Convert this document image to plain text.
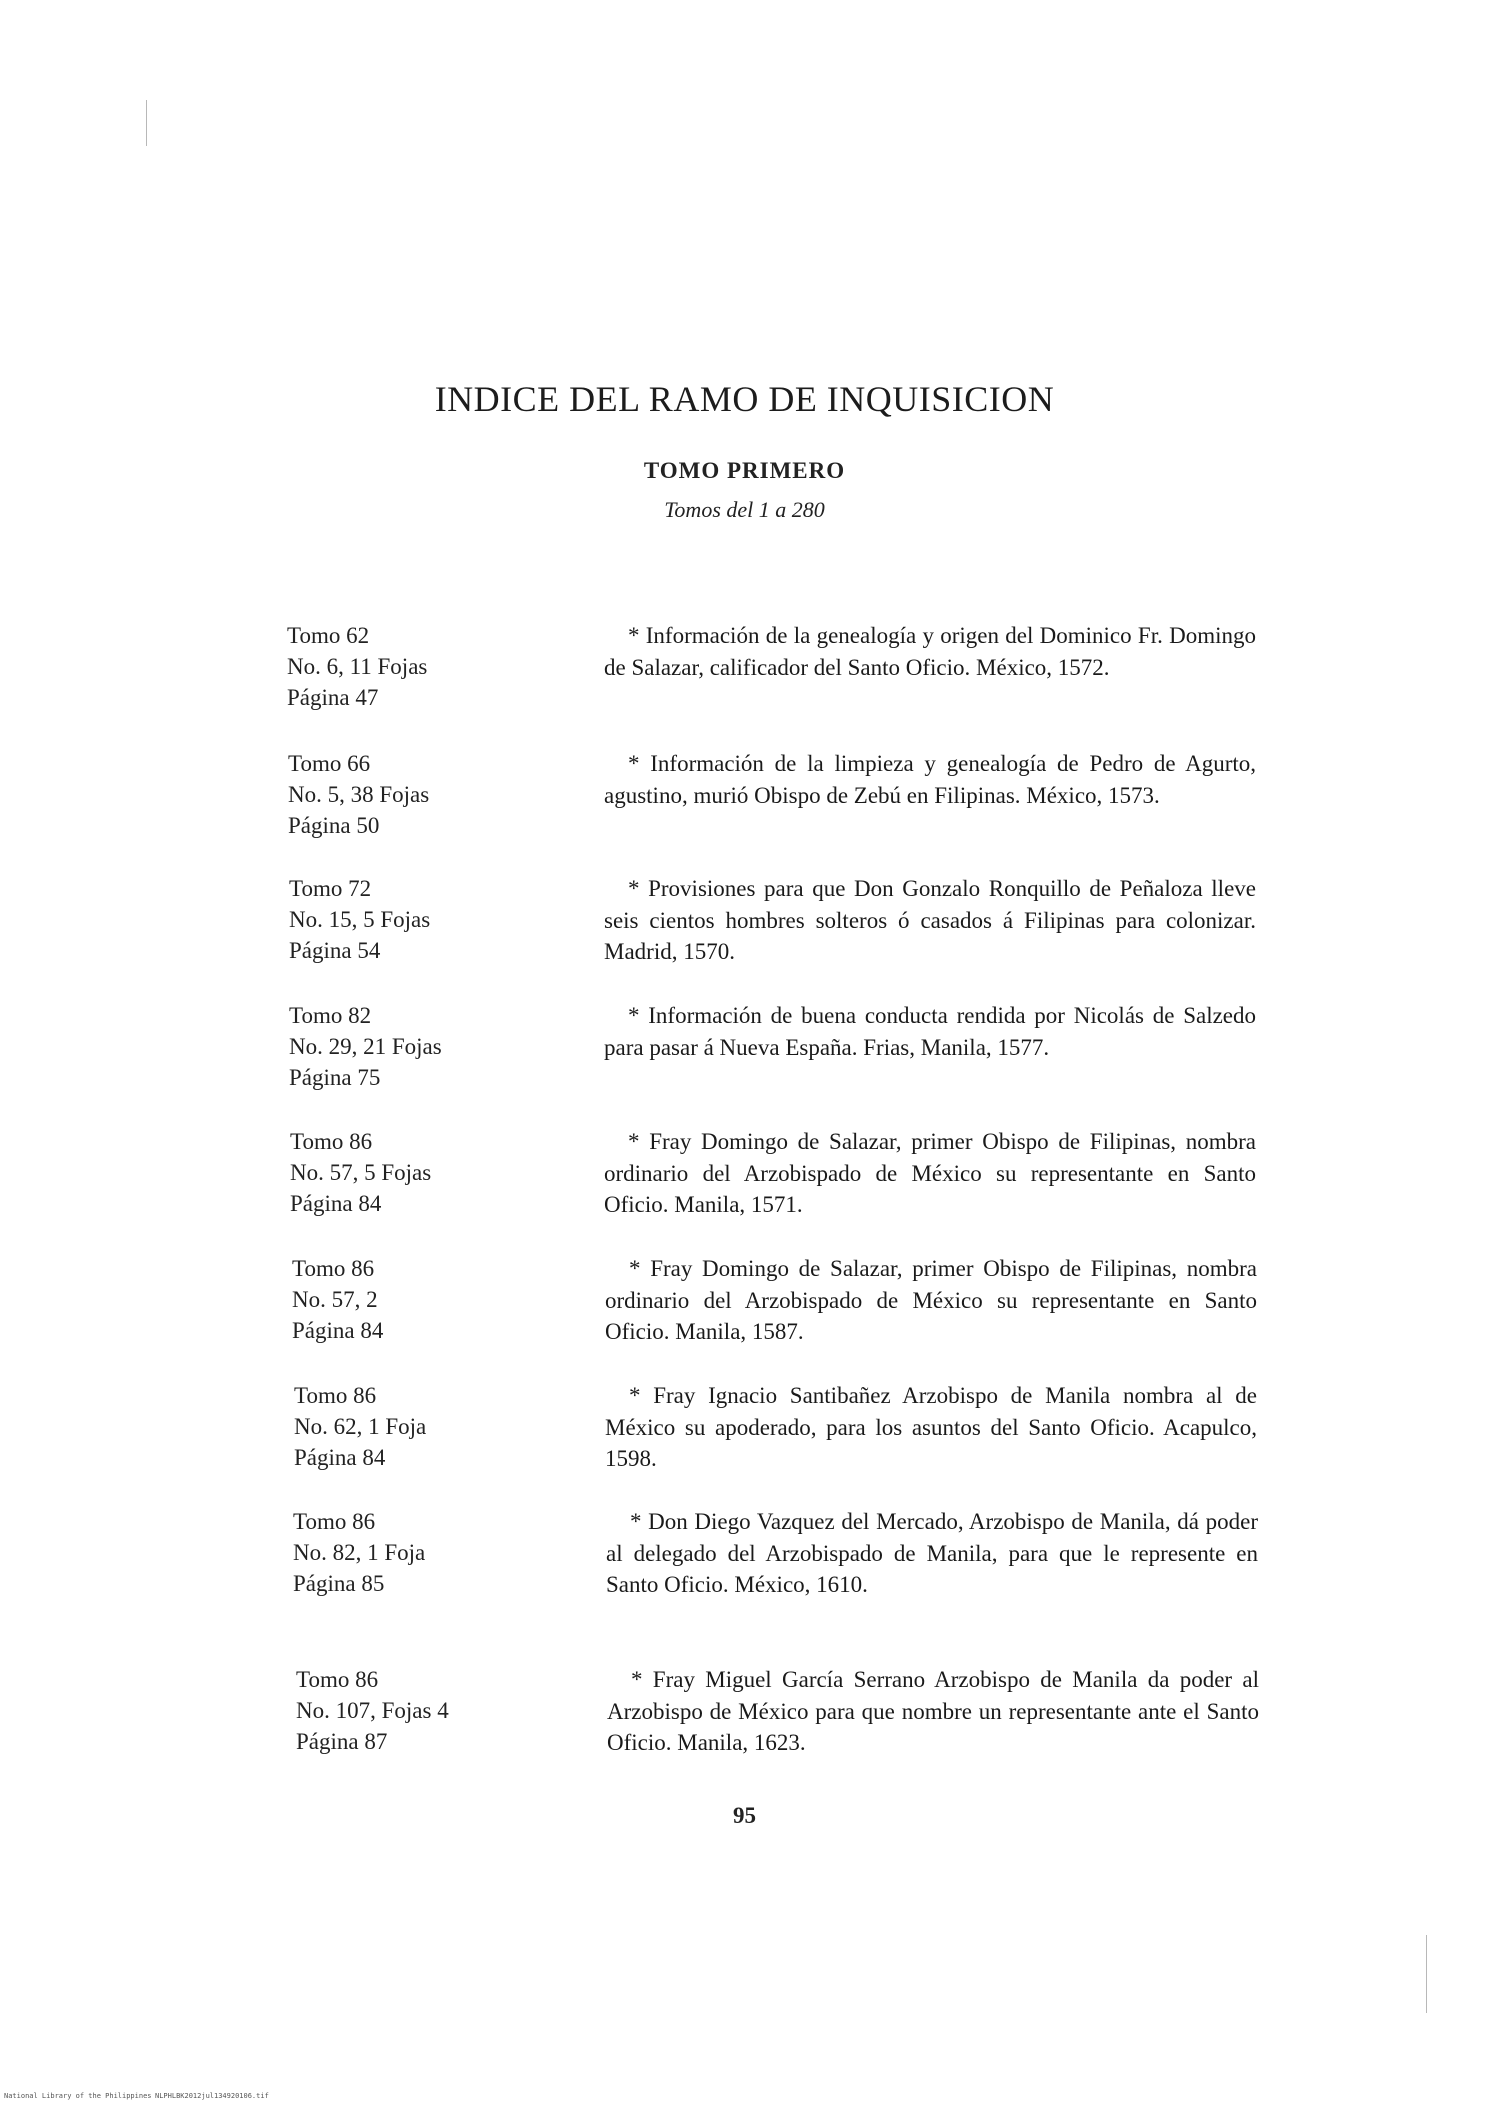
INDICE DEL RAMO DE INQUISICION
TOMO PRIMERO
Tomos del 1 a 280
Tomo 62
No. 6, 11 Fojas
Página 47
* Información de la genealogía y origen del Dominico Fr. Domingo de Salazar, calificador del Santo Oficio. México, 1572.
Tomo 66
No. 5, 38 Fojas
Página 50
* Información de la limpieza y genealogía de Pedro de Agurto, agustino, murió Obispo de Zebú en Filipinas. México, 1573.
Tomo 72
No. 15, 5 Fojas
Página 54
* Provisiones para que Don Gonzalo Ronquillo de Peñaloza lleve seis cientos hombres solteros ó casados á Filipinas para colonizar. Madrid, 1570.
Tomo 82
No. 29, 21 Fojas
Página 75
* Información de buena conducta rendida por Nicolás de Salzedo para pasar á Nueva España. Frias, Manila, 1577.
Tomo 86
No. 57, 5 Fojas
Página 84
* Fray Domingo de Salazar, primer Obispo de Filipinas, nombra ordinario del Arzobispado de México su representante en Santo Oficio. Manila, 1571.
Tomo 86
No. 57, 2
Página 84
* Fray Domingo de Salazar, primer Obispo de Filipinas, nombra ordinario del Arzobispado de México su representante en Santo Oficio. Manila, 1587.
Tomo 86
No. 62, 1 Foja
Página 84
* Fray Ignacio Santibañez Arzobispo de Manila nombra al de México su apoderado, para los asuntos del Santo Oficio. Acapulco, 1598.
Tomo 86
No. 82, 1 Foja
Página 85
* Don Diego Vazquez del Mercado, Arzobispo de Manila, dá poder al delegado del Arzobispado de Manila, para que le represente en Santo Oficio. México, 1610.
Tomo 86
No. 107, Fojas 4
Página 87
* Fray Miguel García Serrano Arzobispo de Manila da poder al Arzobispo de México para que nombre un representante ante el Santo Oficio. Manila, 1623.
95
National Library of the Philippines NLPHLBK2012jul134920106.tif
